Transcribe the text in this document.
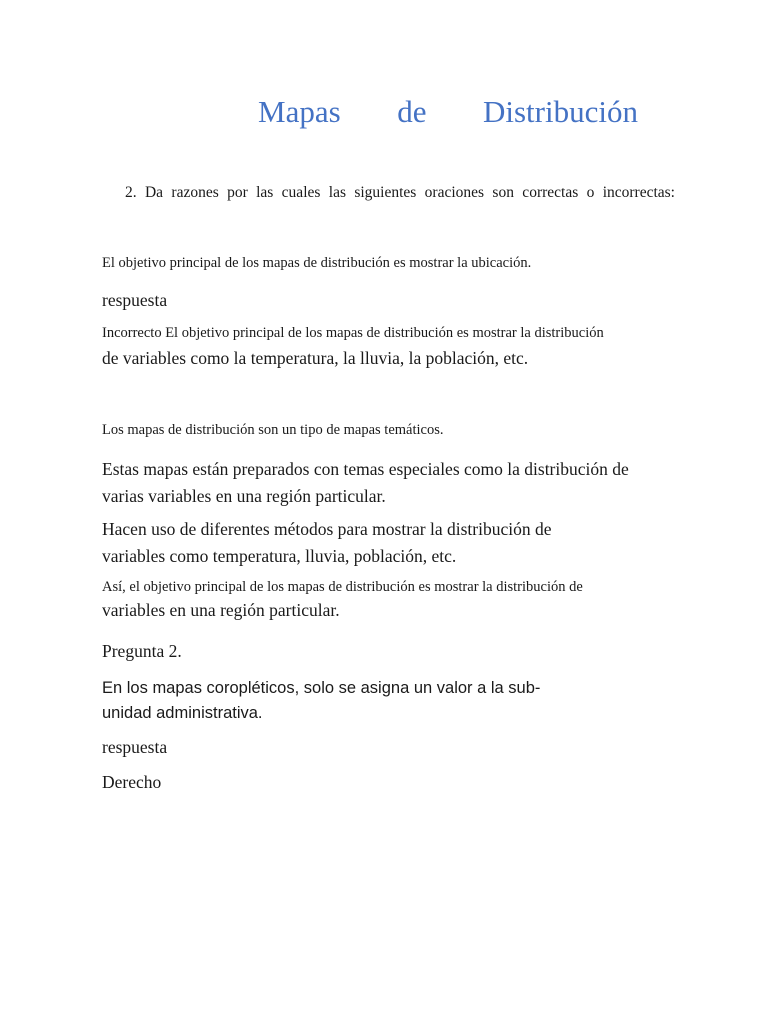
Mapas de Distribución
2. Da razones por las cuales las siguientes oraciones son correctas o incorrectas:
El objetivo principal de los mapas de distribución es mostrar la ubicación.
respuesta
Incorrecto El objetivo principal de los mapas de distribución es mostrar la distribución
de variables como la temperatura, la lluvia, la población, etc.
Los mapas de distribución son un tipo de mapas temáticos.
Estas mapas están preparados con temas especiales como la distribución de
varias variables en una región particular.
Hacen uso de diferentes métodos para mostrar la distribución de
variables como temperatura, lluvia, población, etc.
Así, el objetivo principal de los mapas de distribución es mostrar la distribución de
variables en una región particular.
Pregunta 2.
En los mapas coropléticos, solo se asigna un valor a la sub-
unidad administrativa.
respuesta
Derecho
